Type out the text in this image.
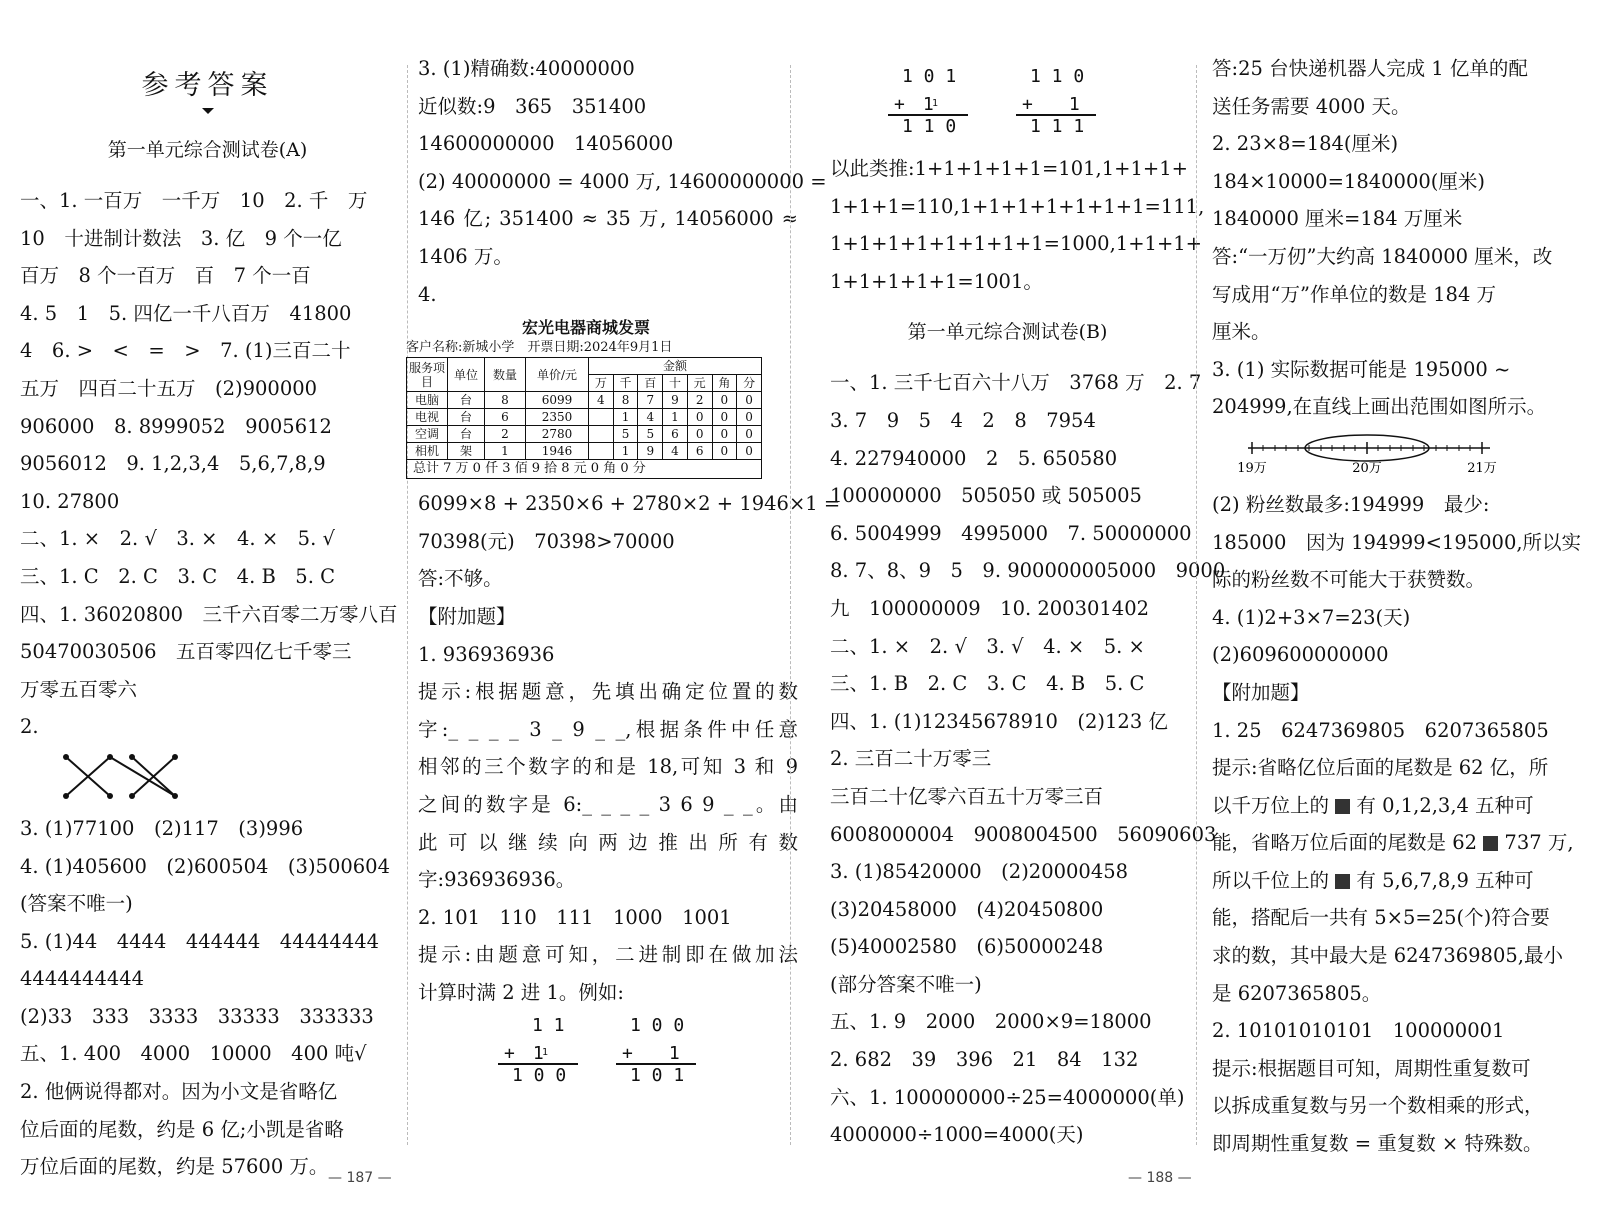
参考答案
第一单元综合测试卷(A)
一、1. 一百万　一千万　10　2. 千　万
10　十进制计数法　3. 亿　9 个一亿
百万　8 个一百万　百　7 个一百
4. 5　1　5. 四亿一千八百万　41800
4　6. >　<　=　>　7. (1)三百二十
五万　四百二十五万　(2)900000
906000　8. 8999052　9005612
9056012　9. 1,2,3,4　5,6,7,8,9
10. 27800
二、1. ×　2. √　3. ×　4. ×　5. √
三、1. C　2. C　3. C　4. B　5. C
四、1. 36020800　三千六百零二万零八百
50470030506　五百零四亿七千零三
万零五百零六
2.
3. (1)77100　(2)117　(3)996
4. (1)405600　(2)600504　(3)500604
(答案不唯一)
5. (1)44　4444　444444　44444444
4444444444
(2)33　333　3333　33333　333333
五、1. 400　4000　10000　400 吨√
2. 他俩说得都对。因为小文是省略亿
位后面的尾数，约是 6 亿;小凯是省略
万位后面的尾数，约是 57600 万。 — 187 —
3. (1)精确数:40000000
近似数:9　365　351400
14600000000　14056000
(2) 40000000 = 4000 万, 14600000000 =
146 亿; 351400 ≈ 35 万, 14056000 ≈
1406 万。
4.
宏光电器商城发票
客户名称:新城小学　开票日期:2024年9月1日
服务项目	单位	数量	单价/元	金额						
				万	千	百	十	元	角	分
电脑	台	8	6099	4	8	7	9	2	0	0
电视	台	6	2350		1	4	1	0	0	0
空调	台	2	2780		5	5	6	0	0	0
相机	架	1	1946		1	9	4	6	0	0
总计 7 万 0 仟 3 佰 9 拾 8 元 0 角 0 分
6099×8 + 2350×6 + 2780×2 + 1946×1 =
70398(元)　70398>70000
答:不够。
【附加题】
1. 936936936
提示:根据题意，先填出确定位置的数
字:_ _ _ _ 3 _ 9 _ _,根据条件中任意
相邻的三个数字的和是 18,可知 3 和 9
之间的数字是 6:_ _ _ _ 3 6 9 _ _。由
此可以继续向两边推出所有数
字:936936936。
2. 101　110　111　1000　1001
提示:由题意可知，二进制即在做加法
计算时满 2 进 1。例如:
1 1
+　1
1
1 0 0
1 0 0
+　　1
1 0 1
1 0 1
+　1
1
1 1 0
1 1 0
+　　1
1 1 1
以此类推:1+1+1+1+1=101,1+1+1+
1+1+1=110,1+1+1+1+1+1+1=111,
1+1+1+1+1+1+1+1=1000,1+1+1+
1+1+1+1+1=1001。
第一单元综合测试卷(B)
一、1. 三千七百六十八万　3768 万　2. 7
3. 7　9　5　4　2　8　7954
4. 227940000　2　5. 650580
100000000　505050 或 505005
6. 5004999　4995000　7. 50000000
8. 7、8、9　5　9. 900000005000　9000
九　100000009　10. 200301402
二、1. ×　2. √　3. √　4. ×　5. ×
三、1. B　2. C　3. C　4. B　5. C
四、1. (1)12345678910　(2)123 亿
2. 三百二十万零三
三百二十亿零六百五十万零三百
6008000004　9008004500　56090603
3. (1)85420000　(2)20000458
(3)20458000　(4)20450800
(5)40002580　(6)50000248
(部分答案不唯一)
五、1. 9　2000　2000×9=18000
2. 682　39　396　21　84　132
六、1. 100000000÷25=4000000(单)
4000000÷1000=4000(天)
答:25 台快递机器人完成 1 亿单的配
送任务需要 4000 天。
2. 23×8=184(厘米)
184×10000=1840000(厘米)
1840000 厘米=184 万厘米
答:“一万仞”大约高 1840000 厘米，改
写成用“万”作单位的数是 184 万
厘米。
3. (1) 实际数据可能是 195000 ~
204999,在直线上画出范围如图所示。
19万	20万	21万
(2) 粉丝数最多:194999　最少:
185000　因为 194999<195000,所以实
际的粉丝数不可能大于获赞数。
4. (1)2+3×7=23(天)
(2)609600000000
【附加题】
1. 25　6247369805　6207365805
提示:省略亿位后面的尾数是 62 亿，所
以千万位上的 有 0,1,2,3,4 五种可
能，省略万位后面的尾数是 62 737 万,
所以千位上的 有 5,6,7,8,9 五种可
能，搭配后一共有 5×5=25(个)符合要
求的数，其中最大是 6247369805,最小
是 6207365805。
2. 10101010101　100000001
提示:根据题目可知，周期性重复数可
以拆成重复数与另一个数相乘的形式，
即周期性重复数 = 重复数 × 特殊数。
— 188 —
